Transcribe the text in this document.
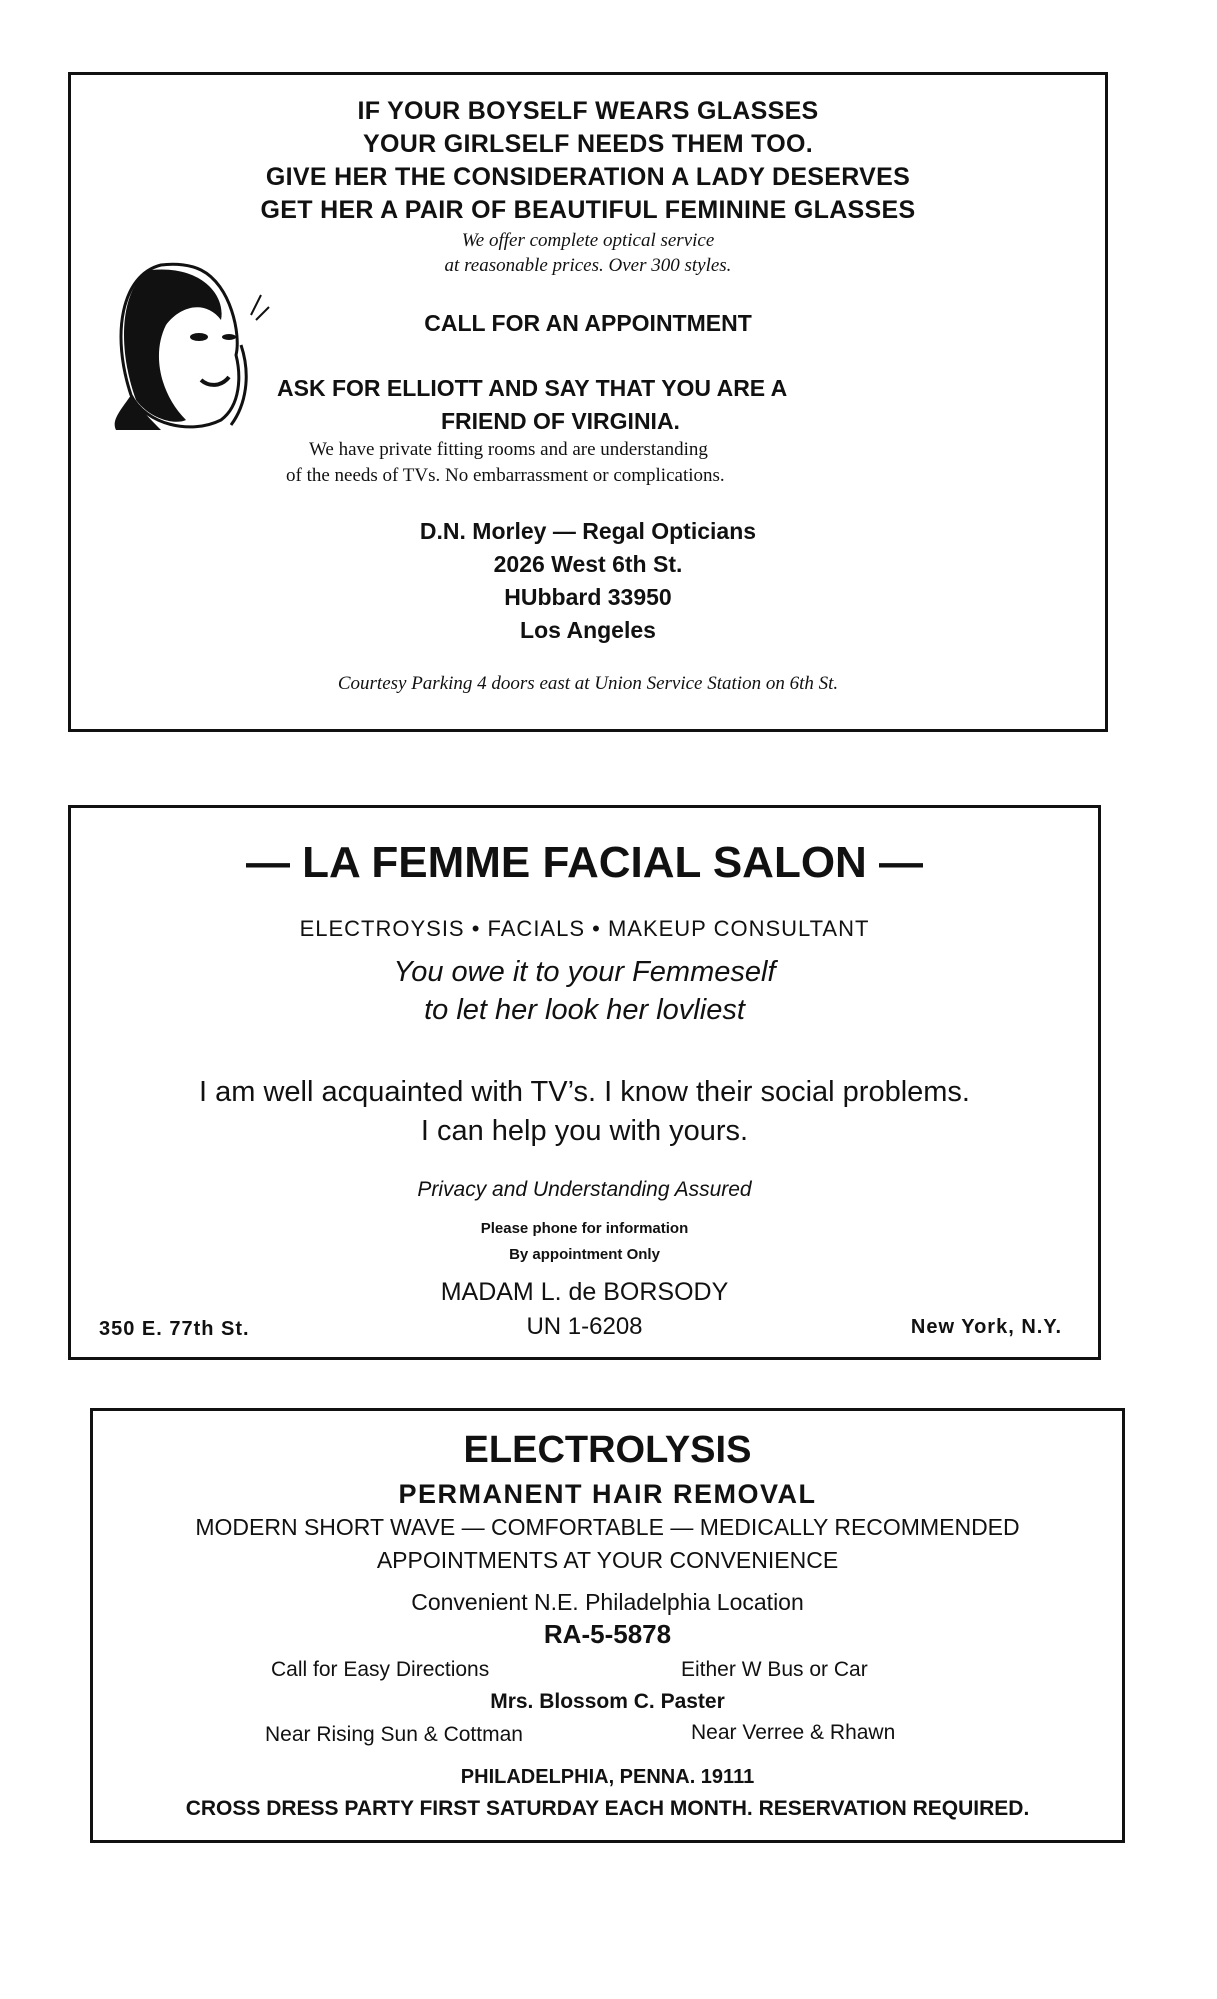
IF YOUR BOYSELF WEARS GLASSES
YOUR GIRLSELF NEEDS THEM TOO.
GIVE HER THE CONSIDERATION A LADY DESERVES
GET HER A PAIR OF BEAUTIFUL FEMININE GLASSES
We offer complete optical service
at reasonable prices. Over 300 styles.
CALL FOR AN APPOINTMENT
ASK FOR ELLIOTT AND SAY THAT YOU ARE A
FRIEND OF VIRGINIA.
We have private fitting rooms and are understanding
of the needs of TVs. No embarrassment or complications.
D.N. Morley — Regal Opticians
2026 West 6th St.
HUbbard 33950
Los Angeles
Courtesy Parking 4 doors east at Union Service Station on 6th St.
— LA FEMME FACIAL SALON —
ELECTROYSIS • FACIALS • MAKEUP CONSULTANT
You owe it to your Femmeself
to let her look her lovliest
I am well acquainted with TV’s. I know their social problems.
I can help you with yours.
Privacy and Understanding Assured
Please phone for information
By appointment Only
MADAM L. de BORSODY
UN 1-6208
350 E. 77th St.	New York, N.Y.
ELECTROLYSIS
PERMANENT HAIR REMOVAL
MODERN SHORT WAVE — COMFORTABLE — MEDICALLY RECOMMENDED
APPOINTMENTS AT YOUR CONVENIENCE
Convenient N.E. Philadelphia Location
RA-5-5878
Call for Easy Directions	Either W Bus or Car
Mrs. Blossom C. Paster
Near Rising Sun & Cottman	Near Verree & Rhawn
PHILADELPHIA, PENNA. 19111
CROSS DRESS PARTY FIRST SATURDAY EACH MONTH. RESERVATION REQUIRED.
